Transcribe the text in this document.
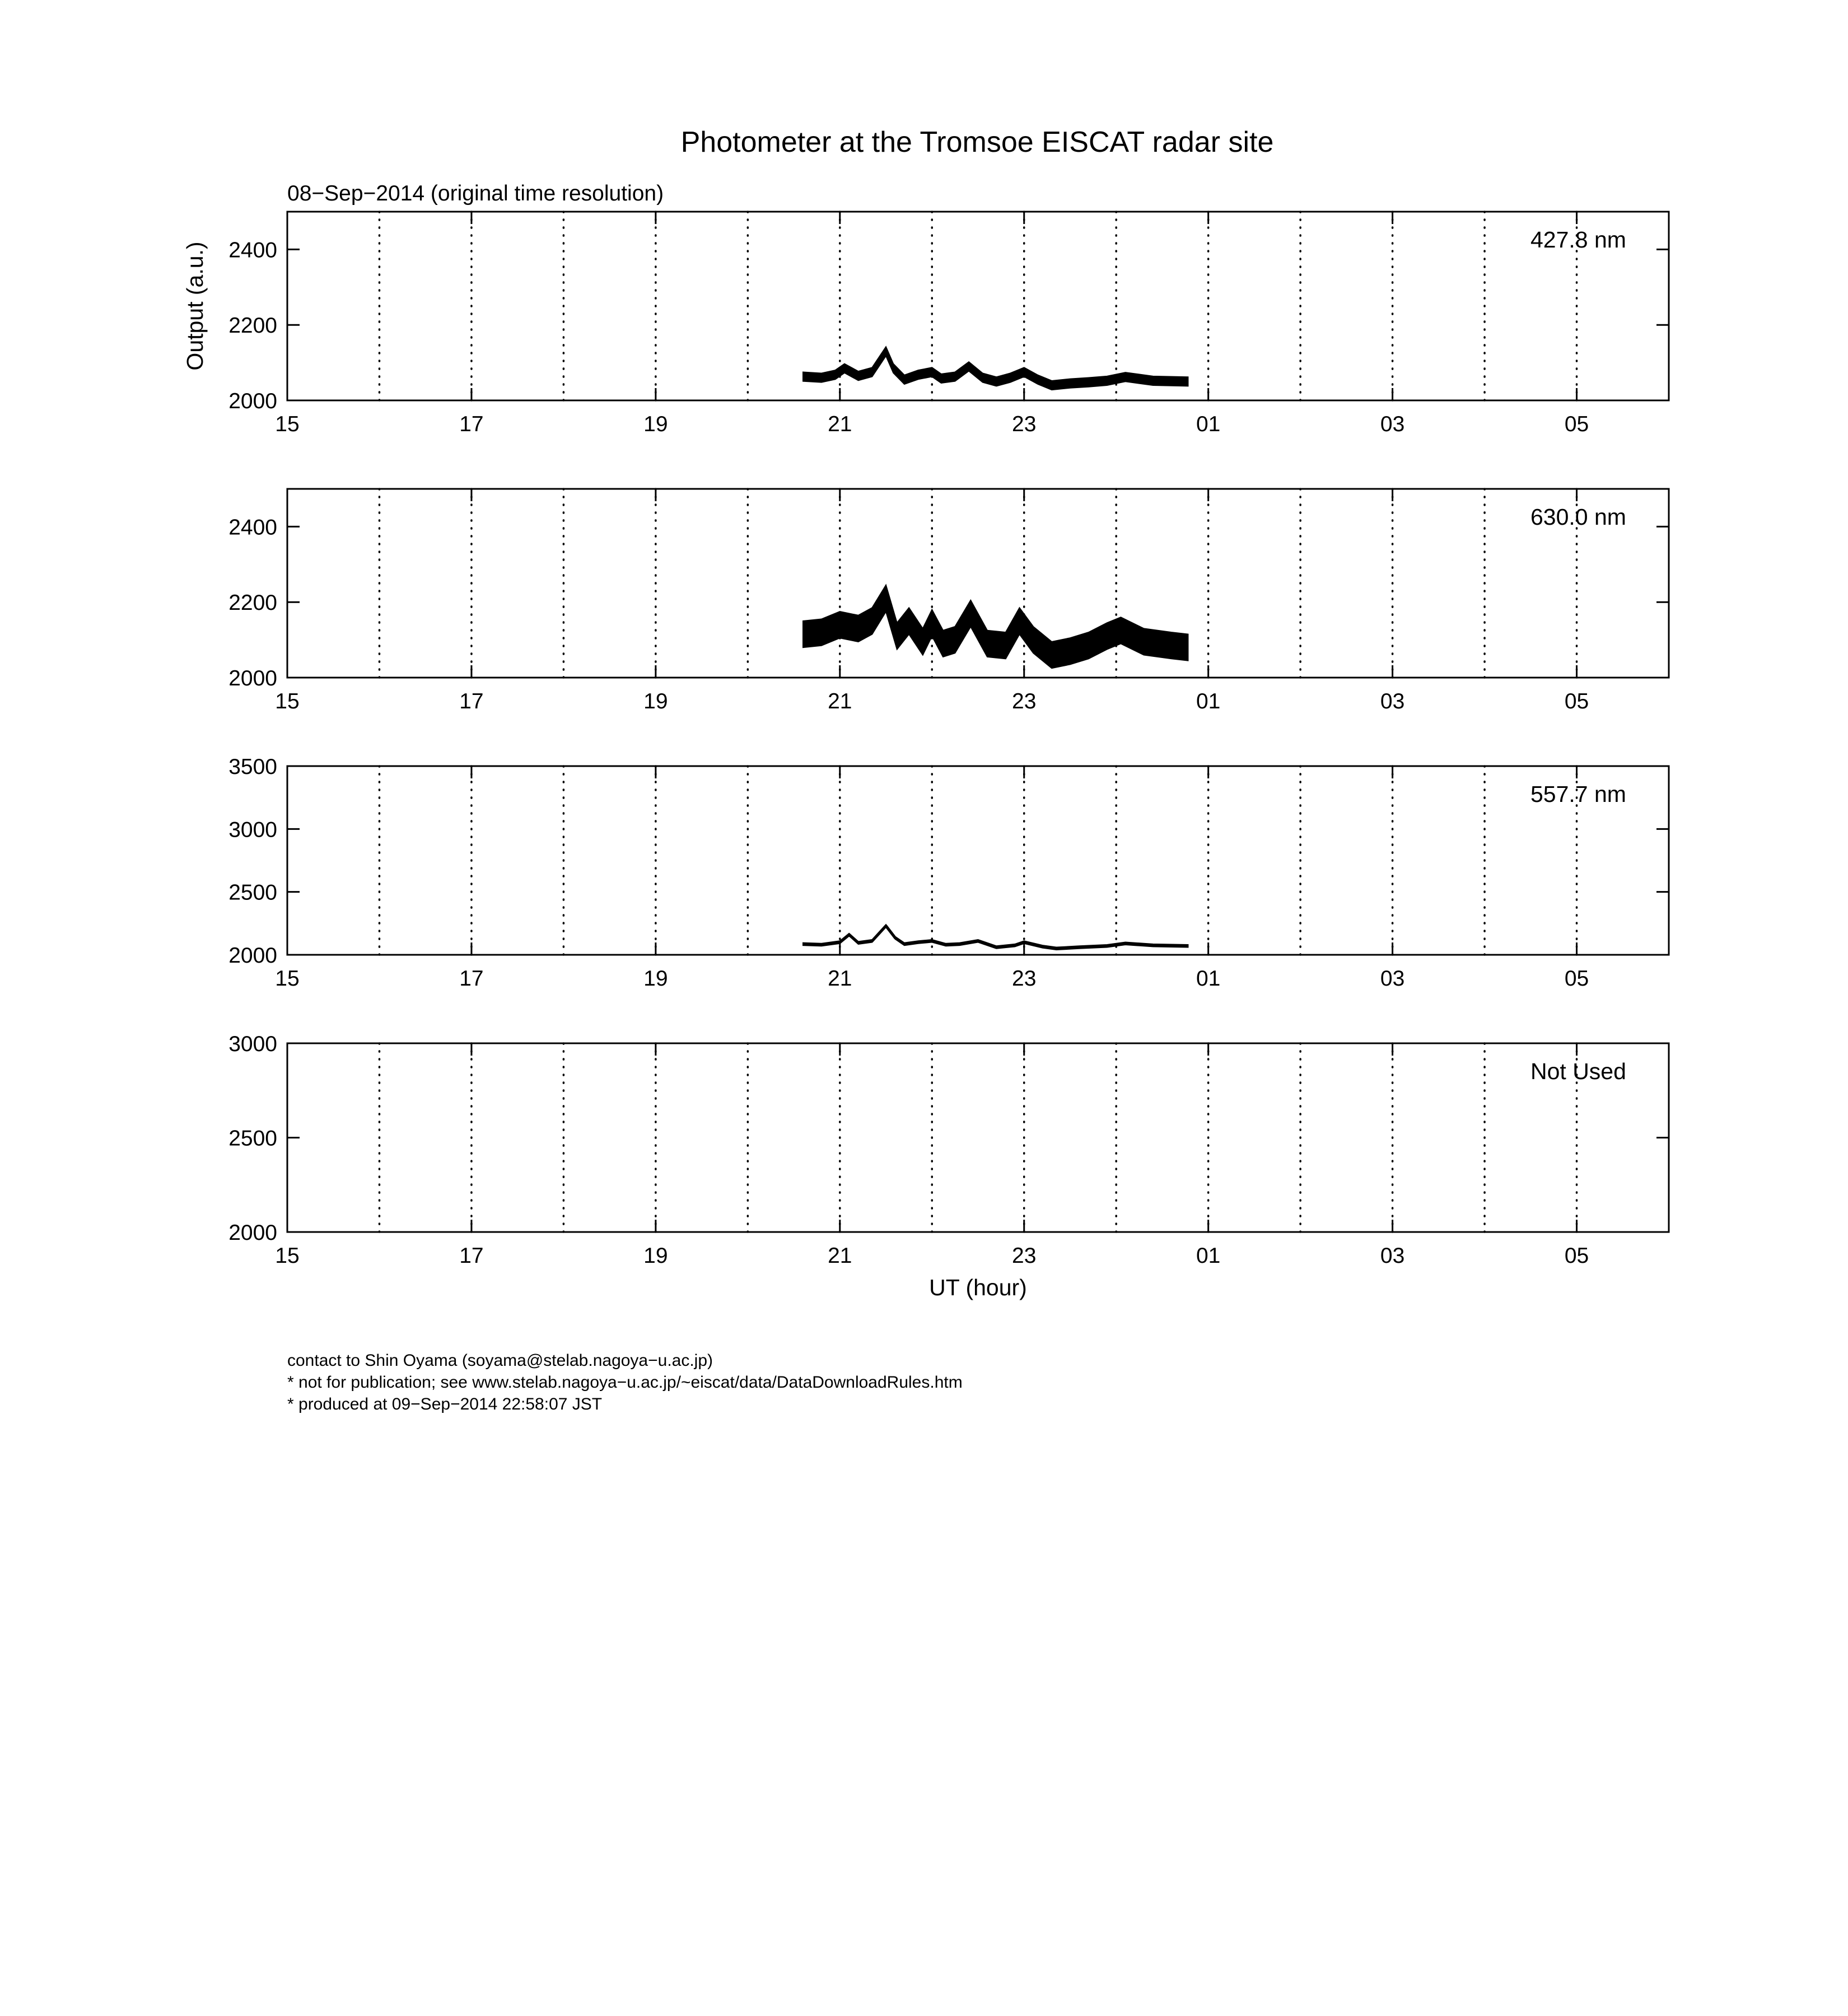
Photometer at the Tromsoe EISCAT radar site
08−Sep−2014 (original time resolution)
15	17	19	21	23	01	03	05
2000
2200
2400	427.8 nm
Output (a.u.)
15	17	19	21	23	01	03	05
2000
2200
2400	630.0 nm
15	17	19	21	23	01	03	05
2000
2500
3000
3500
557.7 nm
15	17	19	21	23	01	03	05
2000
2500
3000
Not Used
UT (hour)
contact to Shin Oyama (soyama@stelab.nagoya−u.ac.jp)
* not for publication; see www.stelab.nagoya−u.ac.jp/~eiscat/data/DataDownloadRules.htm
* produced at 09−Sep−2014 22:58:07 JST
